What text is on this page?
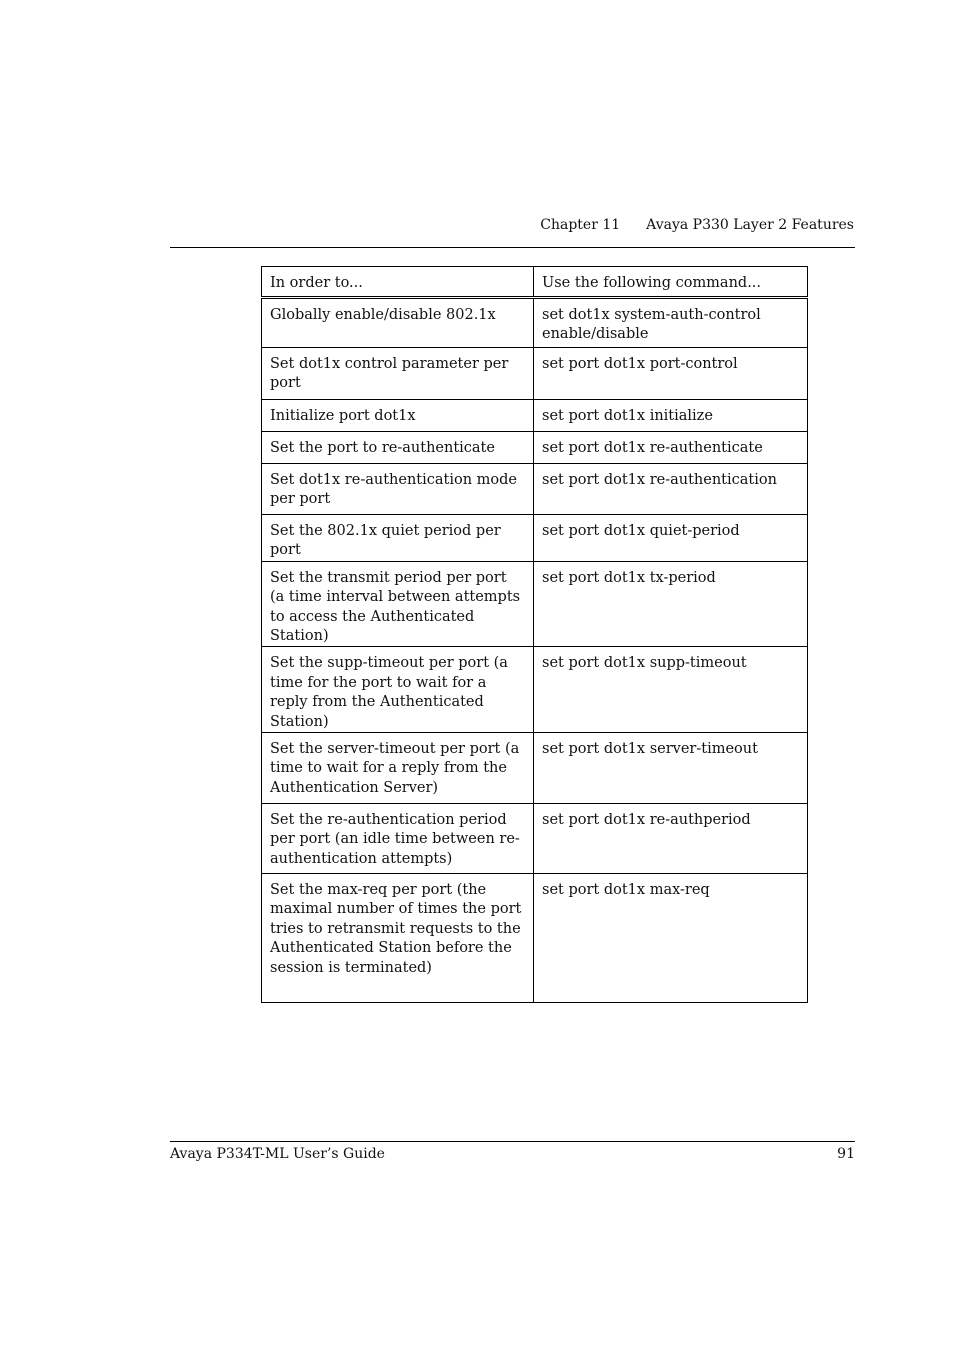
Chapter 11 Avaya P330 Layer 2 Features
In order to...	Use the following command...
Globally enable/disable 802.1x	set dot1x system-auth-control enable/disable
Set dot1x control parameter per port	set port dot1x port-control
Initialize port dot1x	set port dot1x initialize
Set the port to re-authenticate	set port dot1x re-authenticate
Set dot1x re-authentication mode per port	set port dot1x re-authentication
Set the 802.1x quiet period per port	set port dot1x quiet-period
Set the transmit period per port (a time interval between attempts to access the Authenticated Station)	set port dot1x tx-period
Set the supp-timeout per port (a time for the port to wait for a reply from the Authenticated Station)	set port dot1x supp-timeout
Set the server-timeout per port (a time to wait for a reply from the Authentication Server)	set port dot1x server-timeout
Set the re-authentication period per port (an idle time between re-authentication attempts)	set port dot1x re-authperiod
Set the max-req per port (the maximal number of times the port tries to retransmit requests to the Authenticated Station before the session is terminated)	set port dot1x max-req
Avaya P334T-ML User’s Guide	91
